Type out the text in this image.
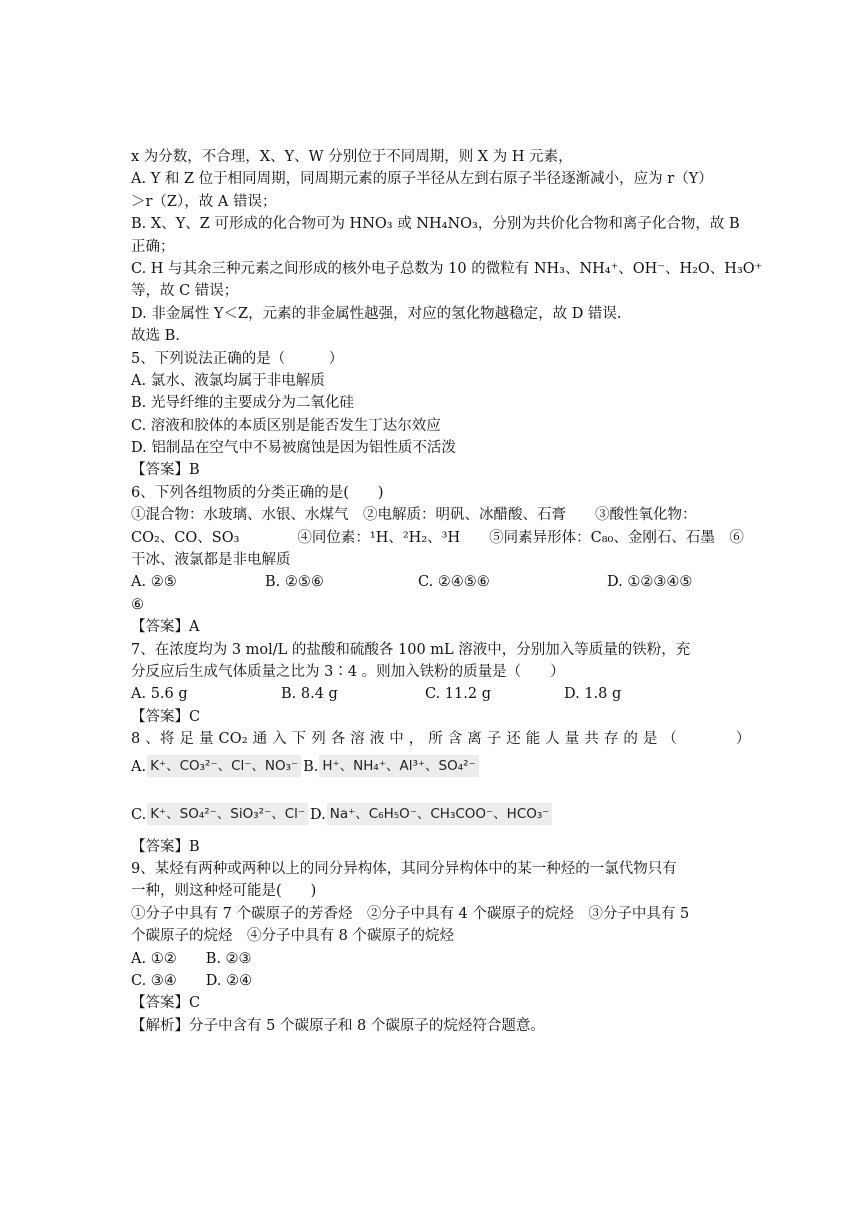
x 为分数，不合理，X、Y、W 分别位于不同周期，则 X 为 H 元素，
A. Y 和 Z 位于相同周期，同周期元素的原子半径从左到右原子半径逐渐减小，应为 r（Y）
＞r（Z），故 A 错误；
B. X、Y、Z 可形成的化合物可为 HNO₃ 或 NH₄NO₃，分别为共价化合物和离子化合物，故 B
正确；
C. H 与其余三种元素之间形成的核外电子总数为 10 的微粒有 NH₃、NH₄⁺、OH⁻、H₂O、H₃O⁺
等，故 C 错误；
D. 非金属性 Y＜Z，元素的非金属性越强，对应的氢化物越稳定，故 D 错误.
故选 B.
5、下列说法正确的是（　　　）
A. 氯水、液氯均属于非电解质
B. 光导纤维的主要成分为二氧化硅
C. 溶液和胶体的本质区别是能否发生丁达尔效应
D. 铝制品在空气中不易被腐蚀是因为铝性质不活泼
【答案】B
6、下列各组物质的分类正确的是(　　)
①混合物：水玻璃、水银、水煤气　②电解质：明矾、冰醋酸、石膏　　③酸性氧化物：
CO₂、CO、SO₃　　　　④同位素：¹H、²H₂、³H　　⑤同素异形体：C₈₀、金刚石、石墨　⑥
干冰、液氯都是非电解质
A. ②⑤	B. ②⑤⑥	C. ②④⑤⑥	D. ①②③④⑤
⑥
【答案】A
7、在浓度均为 3 mol/L 的盐酸和硫酸各 100 mL 溶液中，分别加入等质量的铁粉，充
分反应后生成气体质量之比为 3∶4 。则加入铁粉的质量是（　　）
A. 5.6 g	B. 8.4 g	C. 11.2 g	D. 1.8 g
【答案】C
8 、将 足 量 CO₂ 通 入 下 列 各 溶 液 中 ， 所 含 离 子 还 能 人 量 共 存 的 是 （　　　　）
A. K⁺、CO₃²⁻、Cl⁻、NO₃⁻ B. H⁺、NH₄⁺、Al³⁺、SO₄²⁻
C. K⁺、SO₄²⁻、SiO₃²⁻、Cl⁻ D. Na⁺、C₆H₅O⁻、CH₃COO⁻、HCO₃⁻
【答案】B
9、某烃有两种或两种以上的同分异构体，其同分异构体中的某一种烃的一氯代物只有
一种，则这种烃可能是(　　)
①分子中具有 7 个碳原子的芳香烃　②分子中具有 4 个碳原子的烷烃　③分子中具有 5
个碳原子的烷烃　④分子中具有 8 个碳原子的烷烃
A. ①②　　B. ②③
C. ③④　　D. ②④
【答案】C
【解析】分子中含有 5 个碳原子和 8 个碳原子的烷烃符合题意。
